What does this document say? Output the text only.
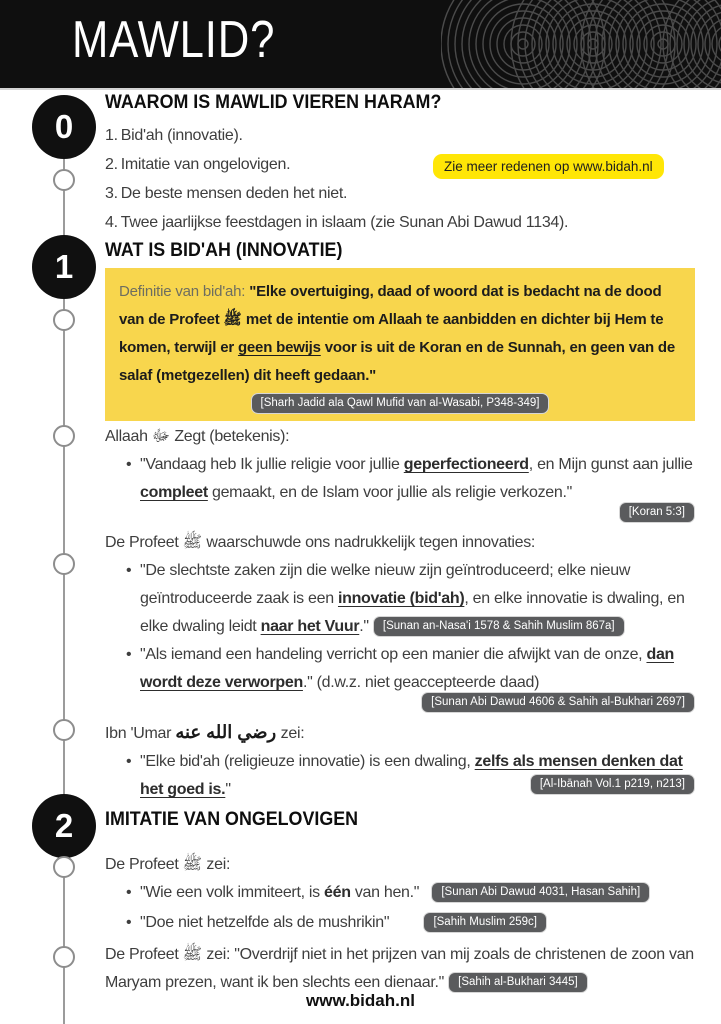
MAWLID?
0
1
2
WAAROM IS MAWLID VIEREN HARAM?
1. Bid'ah (innovatie).
2. Imitatie van ongelovigen.
3. De beste mensen deden het niet.
4. Twee jaarlijkse feestdagen in islaam (zie Sunan Abi Dawud 1134).
Zie meer redenen op www.bidah.nl
WAT IS BID'AH (INNOVATIE)
Definitie van bid'ah: "Elke overtuiging, daad of woord dat is bedacht na de dood van de Profeet ﷺ met de intentie om Allaah te aanbidden en dichter bij Hem te komen, terwijl er geen bewijs voor is uit de Koran en de Sunnah, en geen van de salaf (metgezellen) dit heeft gedaan."
[Sharh Jadid ala Qawl Mufid van al-Wasabi, P348-349]
Allaah ﷻ Zegt (betekenis):
• "Vandaag heb Ik jullie religie voor jullie geperfectioneerd, en Mijn gunst aan jullie compleet gemaakt, en de Islam voor jullie als religie verkozen."
[Koran 5:3]
De Profeet ﷺ waarschuwde ons nadrukkelijk tegen innovaties:
• "De slechtste zaken zijn die welke nieuw zijn geïntroduceerd; elke nieuw geïntroduceerde zaak is een innovatie (bid'ah), en elke innovatie is dwaling, en elke dwaling leidt naar het Vuur." [Sunan an-Nasa'i 1578 & Sahih Muslim 867a]
• "Als iemand een handeling verricht op een manier die afwijkt van de onze, dan wordt deze verworpen." (d.w.z. niet geaccepteerde daad)
[Sunan Abi Dawud 4606 & Sahih al-Bukhari 2697]
Ibn 'Umar رضي الله عنه zei:
• "Elke bid'ah (religieuze innovatie) is een dwaling, zelfs als mensen denken dat het goed is."	[Al-Ibānah Vol.1 p219, n213]
IMITATIE VAN ONGELOVIGEN
De Profeet ﷺ zei:
• "Wie een volk immiteert, is één van hen." [Sunan Abi Dawud 4031, Hasan Sahih]
• "Doe niet hetzelfde als de mushrikin"	[Sahih Muslim 259c]
De Profeet ﷺ zei: "Overdrijf niet in het prijzen van mij zoals de christenen de zoon van Maryam prezen, want ik ben slechts een dienaar." [Sahih al-Bukhari 3445]
www.bidah.nl
